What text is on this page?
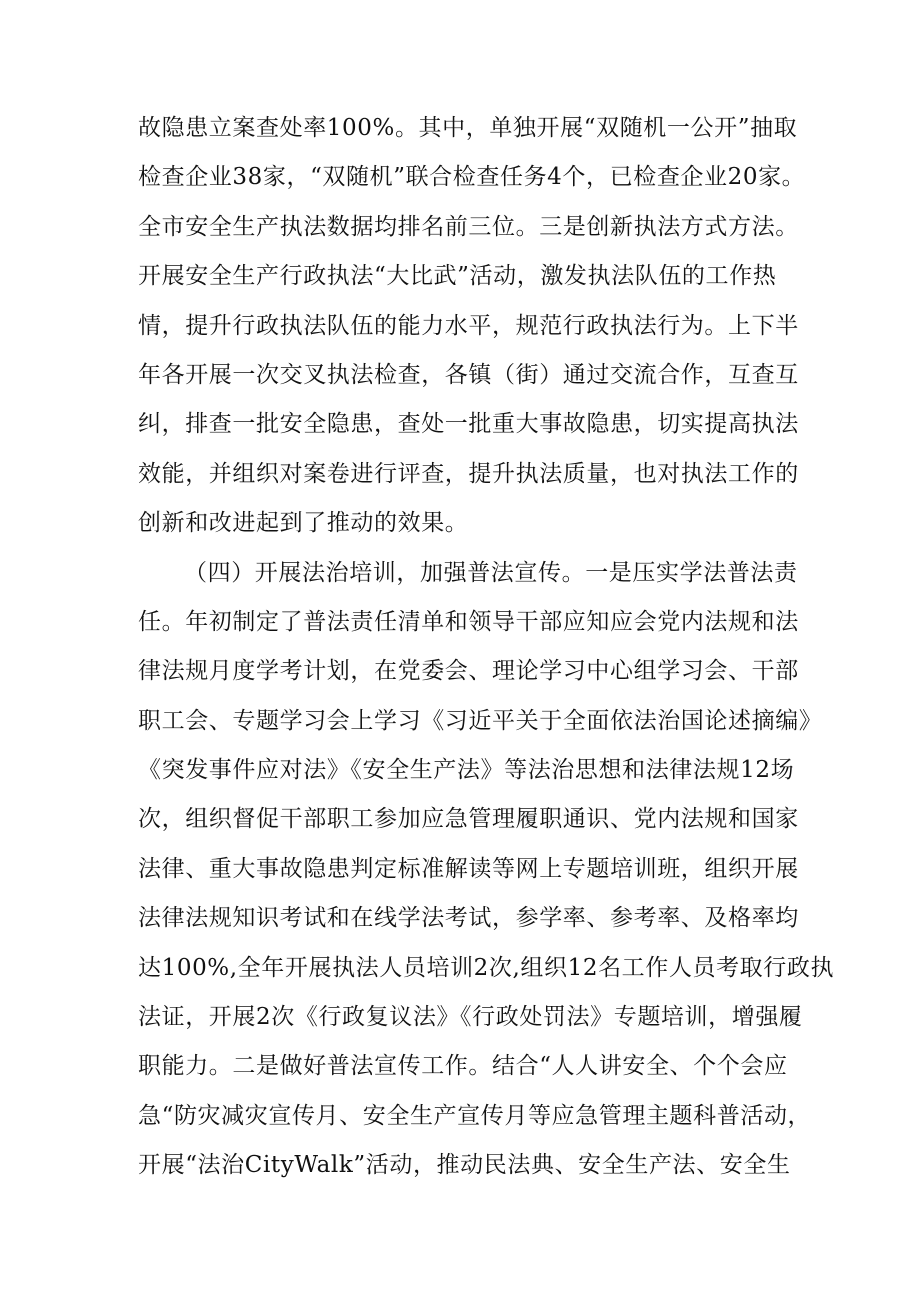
故隐患立案查处率100%。其中，单独开展“双随机一公开”抽取
检查企业38家，“双随机”联合检查任务4个，已检查企业20家。
全市安全生产执法数据均排名前三位。三是创新执法方式方法。
开展安全生产行政执法“大比武”活动，激发执法队伍的工作热
情，提升行政执法队伍的能力水平，规范行政执法行为。上下半
年各开展一次交叉执法检查，各镇（街）通过交流合作，互查互
纠，排查一批安全隐患，查处一批重大事故隐患，切实提高执法
效能，并组织对案卷进行评查，提升执法质量，也对执法工作的
创新和改进起到了推动的效果。
（四）开展法治培训，加强普法宣传。一是压实学法普法责
任。年初制定了普法责任清单和领导干部应知应会党内法规和法
律法规月度学考计划，在党委会、理论学习中心组学习会、干部
职工会、专题学习会上学习《习近平关于全面依法治国论述摘编》
《突发事件应对法》《安全生产法》等法治思想和法律法规12场
次，组织督促干部职工参加应急管理履职通识、党内法规和国家
法律、重大事故隐患判定标准解读等网上专题培训班，组织开展
法律法规知识考试和在线学法考试，参学率、参考率、及格率均
达100%,全年开展执法人员培训2次,组织12名工作人员考取行政执
法证，开展2次《行政复议法》《行政处罚法》专题培训，增强履
职能力。二是做好普法宣传工作。结合“人人讲安全、个个会应
急“防灾减灾宣传月、安全生产宣传月等应急管理主题科普活动，
开展“法治CityWalk”活动，推动民法典、安全生产法、安全生
